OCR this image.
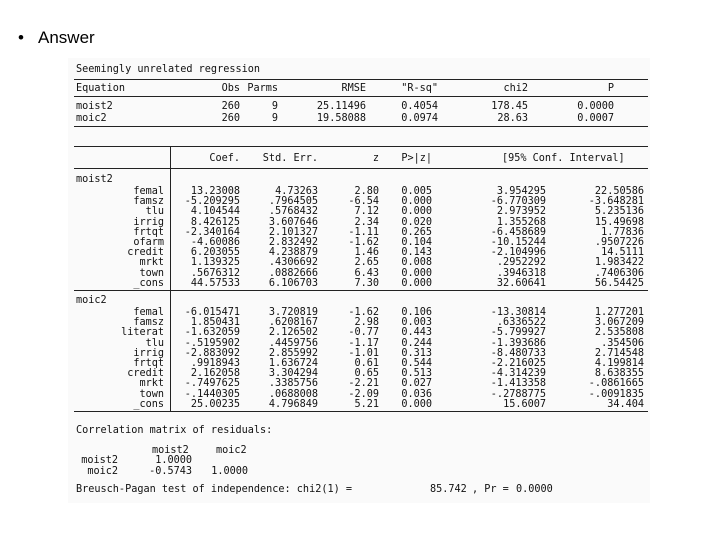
• Answer
Seemingly unrelated regression
Equation	Obs Parms	RMSE	"R-sq"	chi2	P
moist2	260	9	25.11496	0.4054	178.45	0.0000
moic2	260	9	19.58088	0.0974	28.63	0.0007
Coef. Std. Err.	z P>|z|	[95% Conf. Interval]
moist2
femal	13.23008	4.73263	2.80 0.005	3.954295	22.50586
famsz -5.209295	.7964505	-6.54 0.000	-6.770309	-3.648281
tlu	4.104544	.5768432	7.12 0.000	2.973952	5.235136
irrig	8.426125	3.607646	2.34 0.020	1.355268	15.49698
frtqt -2.340164	2.101327	-1.11 0.265	-6.458689	1.77836
ofarm	-4.60086	2.832492	-1.62 0.104	-10.15244	.9507226
credit	6.203055	4.238879	1.46 0.143	-2.104996	14.5111
mrkt	1.139325	.4306692	2.65 0.008	.2952292	1.983422
town	.5676312	.0882666	6.43 0.000	.3946318	.7406306
_cons	44.57533	6.106703	7.30 0.000	32.60641	56.54425
moic2
femal -6.015471	3.720819	-1.62 0.106	-13.30814	1.277201
famsz	1.850431	.6208167	2.98 0.003	.6336522	3.067209
literat -1.632059	2.126502	-0.77 0.443	-5.799927	2.535808
tlu -.5195902	.4459756	-1.17 0.244	-1.393686	.354506
irrig -2.883092	2.855992	-1.01 0.313	-8.480733	2.714548
frtqt	.9918943	1.636724	0.61 0.544	-2.216025	4.199814
credit	2.162058	3.304294	0.65 0.513	-4.314239	8.638355
mrkt -.7497625	.3385756	-2.21 0.027	-1.413358	-.0861665
town -.1440305	.0688008	-2.09 0.036	-.2788775	-.0091835
_cons	25.00235	4.796849	5.21 0.000	15.6007	34.404
Correlation matrix of residuals:
moist2	moic2
moist2	1.0000
moic2	-0.5743 1.0000
Breusch-Pagan test of independence: chi2(1) =	85.742 , Pr = 0.0000
